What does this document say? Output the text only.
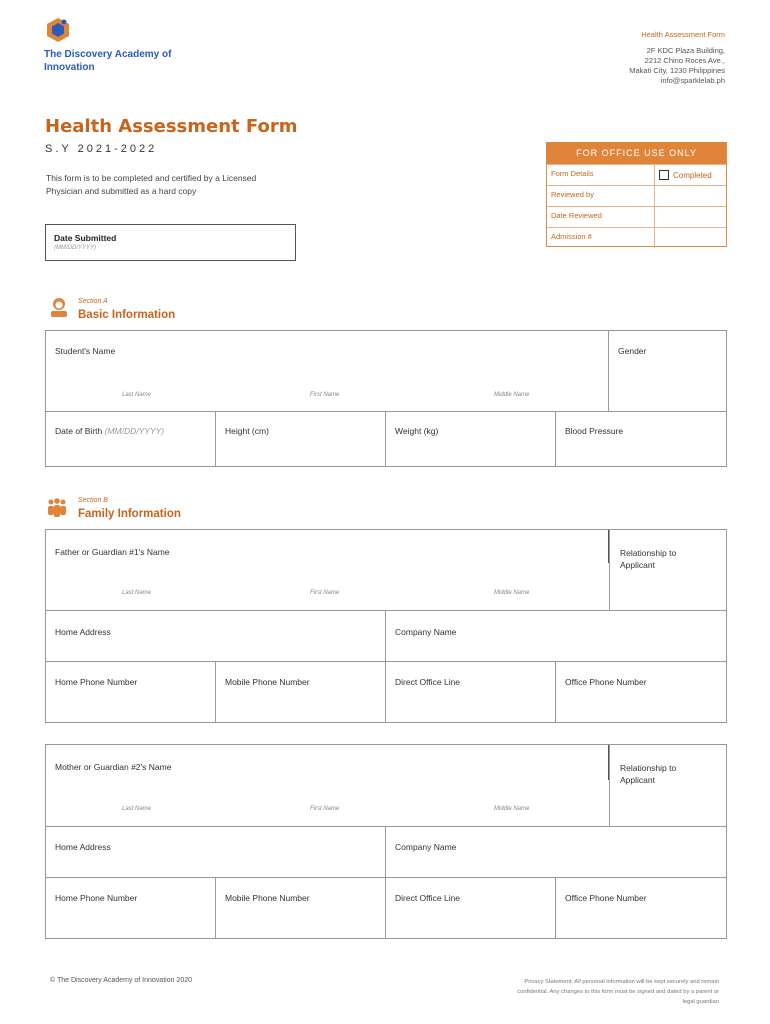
The Discovery Academy of Innovation
Health Assessment Form
2F KDC Plaza Building,
2212 Chino Roces Ave.,
Makati City, 1230 Philippines
info@sparklelab.ph
Health Assessment Form
S.Y 2021-2022
This form is to be completed and certified by a Licensed Physician and submitted as a hard copy
Date Submitted
(MM/DD/YYYY)
FOR OFFICE USE ONLY
Form Details	Completed
Reviewed by
Date Reviewed
Admission #
Section A
Basic Information
Student's Name	Gender
Last Name	First Name	Middle Name
Date of Birth (MM/DD/YYYY)	Height (cm)	Weight (kg)	Blood Pressure
Section B
Family Information
Father or Guardian #1's Name	Relationship to Applicant
Last Name	First Name	Middle Name
Home Address	Company Name
Home Phone Number	Mobile Phone Number	Direct Office Line	Office Phone Number
Mother or Guardian #2's Name	Relationship to Applicant
Last Name	First Name	Middle Name
Home Address	Company Name
Home Phone Number	Mobile Phone Number	Direct Office Line	Office Phone Number
© The Discovery Academy of Innovation 2020	Privacy Statement: All personal information will be kept securely and remain confidential. Any changes to this form must be signed and dated by a parent or legal guardian
